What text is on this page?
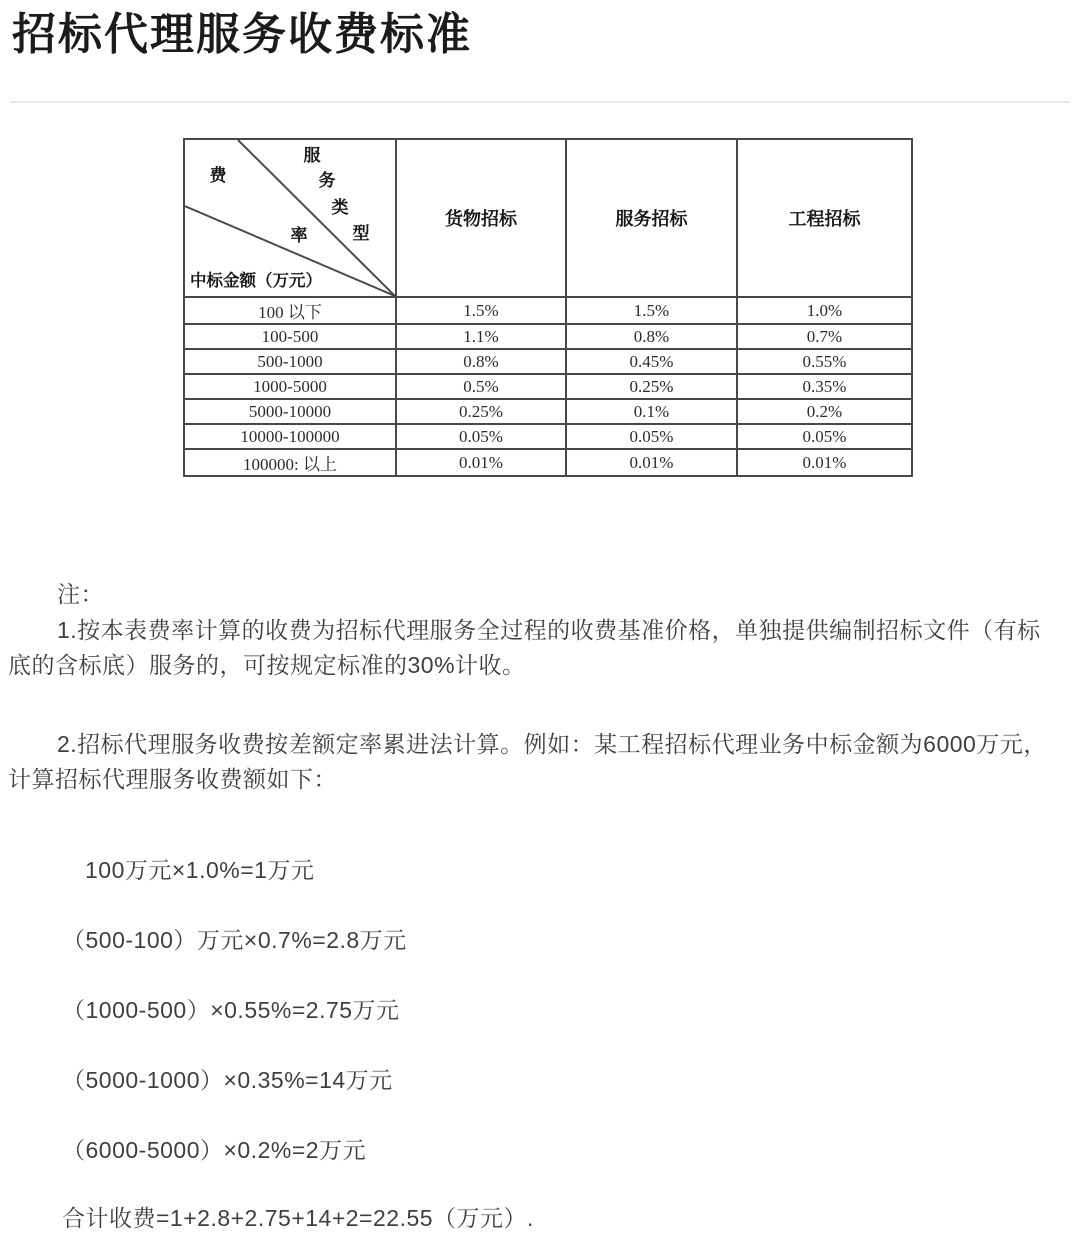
招标代理服务收费标准
服
务
类
型
费
率
中标金额（万元）
	货物招标	服务招标	工程招标
100 以下	1.5%	1.5%	1.0%
100-500	1.1%	0.8%	0.7%
500-1000	0.8%	0.45%	0.55%
1000-5000	0.5%	0.25%	0.35%
5000-10000	0.25%	0.1%	0.2%
10000-100000	0.05%	0.05%	0.05%
100000: 以上	0.01%	0.01%	0.01%

注：

1.按本表费率计算的收费为招标代理服务全过程的收费基准价格，单独提供编制招标文件（有标底的含标底）服务的，可按规定标准的30%计收。

2.招标代理服务收费按差额定率累进法计算。例如：某工程招标代理业务中标金额为6000万元，计算招标代理服务收费额如下：

100万元×1.0%=1万元

（500-100）万元×0.7%=2.8万元

（1000-500）×0.55%=2.75万元

（5000-1000）×0.35%=14万元

（6000-5000）×0.2%=2万元

合计收费=1+2.8+2.75+14+2=22.55（万元）.
